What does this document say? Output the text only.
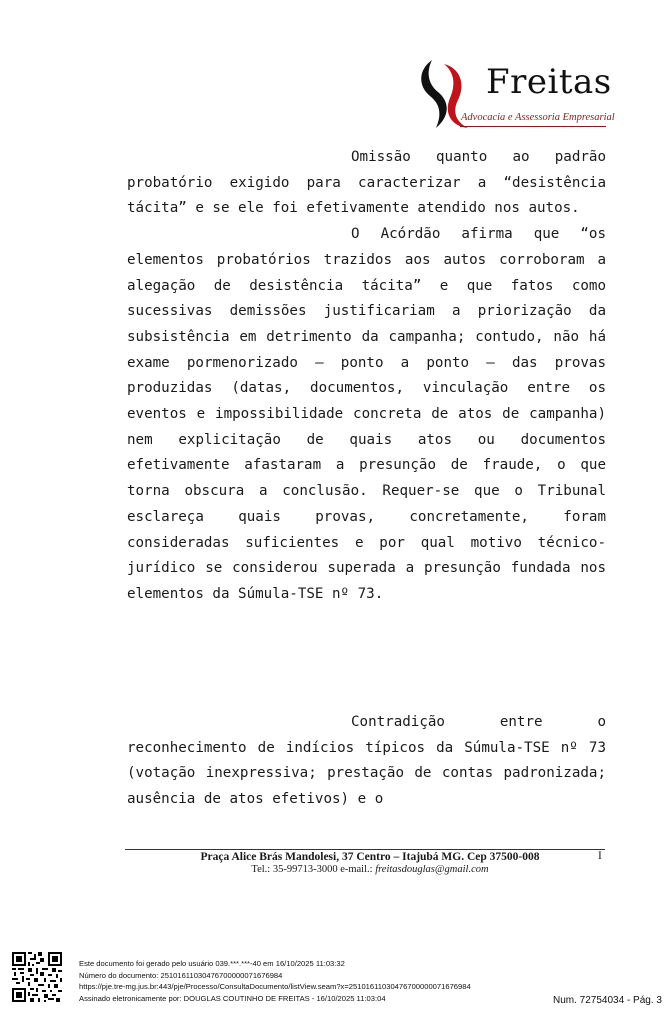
Freitas
Advocacia e Assessoria Empresarial

Omissão quanto ao padrão probatório exigido para caracterizar a “desistência tácita” e se ele foi efetivamente atendido nos autos.

O Acórdão afirma que “os elementos probatórios trazidos aos autos corroboram a alegação de desistência tácita” e que fatos como sucessivas demissões justificariam a priorização da subsistência em detrimento da campanha; contudo, não há exame pormenorizado — ponto a ponto — das provas produzidas (datas, documentos, vinculação entre os eventos e impossibilidade concreta de atos de campanha) nem explicitação de quais atos ou documentos efetivamente afastaram a presunção de fraude, o que torna obscura a conclusão. Requer-se que o Tribunal esclareça quais provas, concretamente, foram consideradas suficientes e por qual motivo técnico-jurídico se considerou superada a presunção fundada nos elementos da Súmula-TSE nº 73.

Contradição entre o reconhecimento de indícios típicos da Súmula-TSE nº 73 (votação inexpressiva; prestação de contas padronizada; ausência de atos efetivos) e o

Praça Alice Brás Mandolesi, 37 Centro – Itajubá MG. Cep 37500-008	I
Tel.: 35-99713-3000 e-mail.: freitasdouglas@gmail.com
Este documento foi gerado pelo usuário 039.***.***-40 em 16/10/2025 11:03:32
Número do documento: 25101611030476700000071676984
https://pje.tre-mg.jus.br:443/pje/Processo/ConsultaDocumento/listView.seam?x=25101611030476700000071676984
Assinado eletronicamente por: DOUGLAS COUTINHO DE FREITAS - 16/10/2025 11:03:04	Num. 72754034 - Pág. 3
